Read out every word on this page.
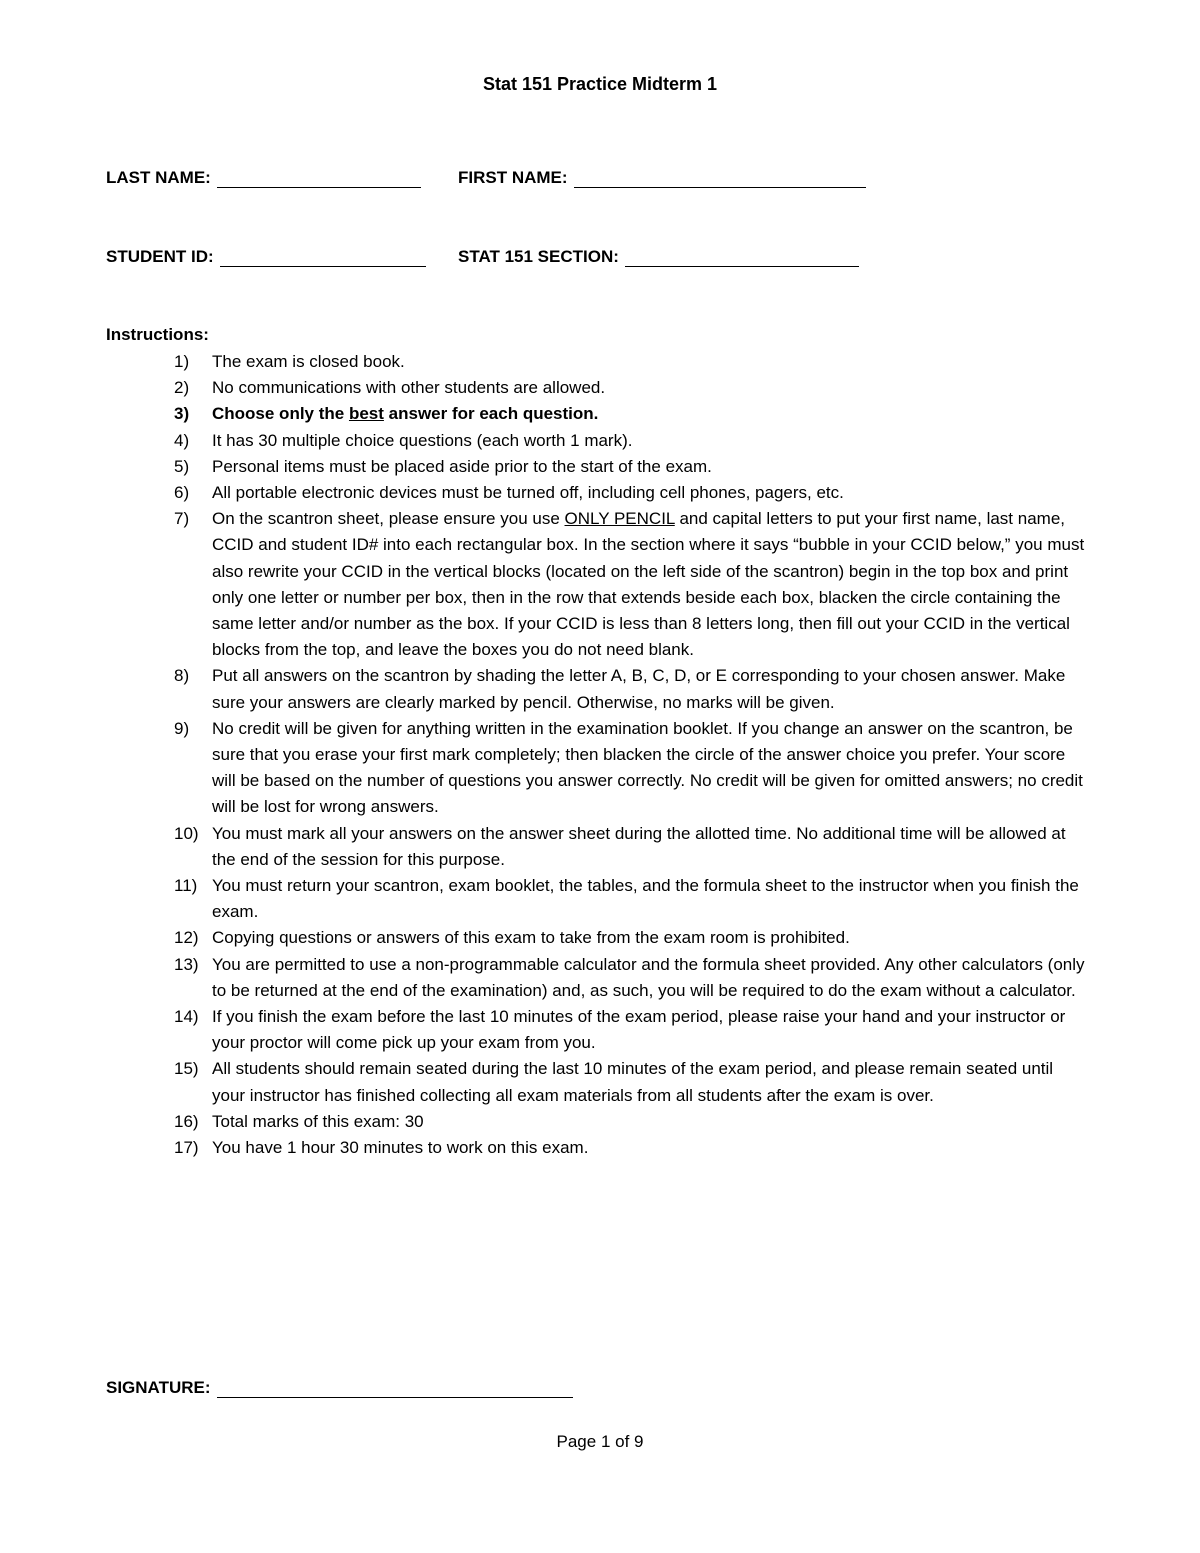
Stat 151 Practice Midterm 1
LAST NAME:	FIRST NAME:
STUDENT ID:	STAT 151 SECTION:
Instructions:
1)	The exam is closed book.
2)	No communications with other students are allowed.
3)	Choose only the best answer for each question.
4)	It has 30 multiple choice questions (each worth 1 mark).
5)	Personal items must be placed aside prior to the start of the exam.
6)	All portable electronic devices must be turned off, including cell phones, pagers, etc.
7)	On the scantron sheet, please ensure you use ONLY PENCIL and capital letters to put your first name, last name, CCID and student ID# into each rectangular box. In the section where it says “bubble in your CCID below,” you must also rewrite your CCID in the vertical blocks (located on the left side of the scantron) begin in the top box and print only one letter or number per box, then in the row that extends beside each box, blacken the circle containing the same letter and/or number as the box. If your CCID is less than 8 letters long, then fill out your CCID in the vertical blocks from the top, and leave the boxes you do not need blank.
8)	Put all answers on the scantron by shading the letter A, B, C, D, or E corresponding to your chosen answer. Make sure your answers are clearly marked by pencil. Otherwise, no marks will be given.
9)	No credit will be given for anything written in the examination booklet. If you change an answer on the scantron, be sure that you erase your first mark completely; then blacken the circle of the answer choice you prefer. Your score will be based on the number of questions you answer correctly. No credit will be given for omitted answers; no credit will be lost for wrong answers.
10) You must mark all your answers on the answer sheet during the allotted time. No additional time will be allowed at the end of the session for this purpose.
11) You must return your scantron, exam booklet, the tables, and the formula sheet to the instructor when you finish the exam.
12) Copying questions or answers of this exam to take from the exam room is prohibited.
13) You are permitted to use a non-programmable calculator and the formula sheet provided. Any other calculators (only to be returned at the end of the examination) and, as such, you will be required to do the exam without a calculator.
14) If you finish the exam before the last 10 minutes of the exam period, please raise your hand and your instructor or your proctor will come pick up your exam from you.
15) All students should remain seated during the last 10 minutes of the exam period, and please remain seated until your instructor has finished collecting all exam materials from all students after the exam is over.
16) Total marks of this exam: 30
17) You have 1 hour 30 minutes to work on this exam.
SIGNATURE:
Page 1 of 9
